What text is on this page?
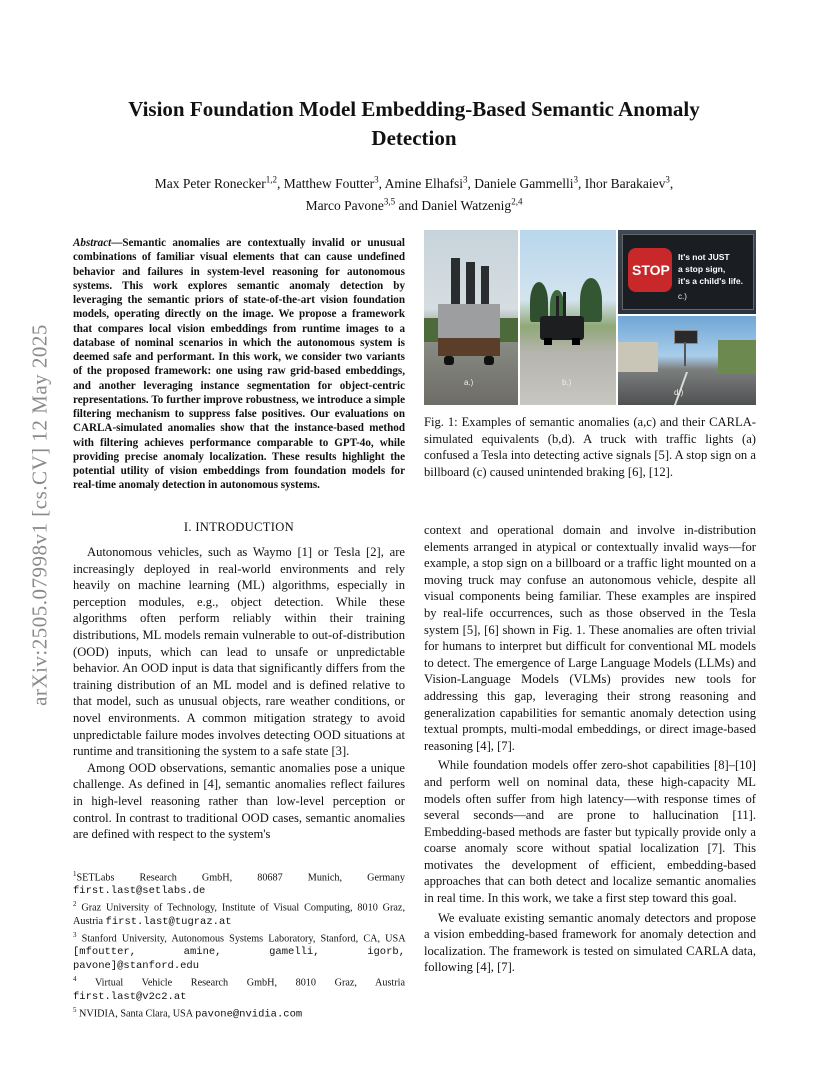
arXiv:2505.07998v1 [cs.CV] 12 May 2025
Vision Foundation Model Embedding-Based Semantic Anomaly Detection
Max Peter Ronecker$^{1,2}$, Matthew Foutter$^3$, Amine Elhafsi$^3$, Daniele Gammelli$^3$, Ihor Barakaiev$^3$,
Marco Pavone$^{3,5}$ and Daniel Watzenig$^{2,4}$

Abstract—Semantic anomalies are contextually invalid or unusual combinations of familiar visual elements that can cause undefined behavior and failures in system-level reasoning for autonomous systems. This work explores semantic anomaly detection by leveraging the semantic priors of state-of-the-art vision foundation models, operating directly on the image. We propose a framework that compares local vision embeddings from runtime images to a database of nominal scenarios in which the autonomous system is deemed safe and performant. In this work, we consider two variants of the proposed framework: one using raw grid-based embeddings, and another leveraging instance segmentation for object-centric representations. To further improve robustness, we introduce a simple filtering mechanism to suppress false positives. Our evaluations on CARLA-simulated anomalies show that the instance-based method with filtering achieves performance comparable to GPT-4o, while providing precise anomaly localization. These results highlight the potential utility of vision embeddings from foundation models for real-time anomaly detection in autonomous systems.

I. INTRODUCTION

Autonomous vehicles, such as Waymo [1] or Tesla [2], are increasingly deployed in real-world environments and rely heavily on machine learning (ML) algorithms, especially in perception modules, e.g., object detection. While these algorithms often perform reliably within their training distributions, ML models remain vulnerable to out-of-distribution (OOD) inputs, which can lead to unsafe or unpredictable behavior. An OOD input is data that significantly differs from the training distribution of an ML model and is defined relative to that model, such as unusual objects, rare weather conditions, or novel environments. A common mitigation strategy to avoid unpredictable failure modes involves detecting OOD situations at runtime and transitioning the system to a safe state [3].

Among OOD observations, semantic anomalies pose a unique challenge. As defined in [4], semantic anomalies reflect failures in high-level reasoning rather than low-level perception or control. In contrast to traditional OOD cases, semantic anomalies are defined with respect to the system's

$^1$SETLabs Research GmbH, 80687 Munich, Germany first.last@setlabs.de
$^2$ Graz University of Technology, Institute of Visual Computing, 8010 Graz, Austria first.last@tugraz.at
$^3$ Stanford University, Autonomous Systems Laboratory, Stanford, CA, USA [mfoutter, amine, gamelli, igorb, pavone]@stanford.edu
$^4$ Virtual Vehicle Research GmbH, 8010 Graz, Austria first.last@v2c2.at
$^5$ NVIDIA, Santa Clara, USA pavone@nvidia.com
a.)	b.)
STOP
It's not JUST
a stop sign,
it's a child's life.
c.)
d.)

Fig. 1: Examples of semantic anomalies (a,c) and their CARLA-simulated equivalents (b,d). A truck with traffic lights (a) confused a Tesla into detecting active signals [5]. A stop sign on a billboard (c) caused unintended braking [6], [12].

context and operational domain and involve in-distribution elements arranged in atypical or contextually invalid ways—for example, a stop sign on a billboard or a traffic light mounted on a moving truck may confuse an autonomous vehicle, despite all visual components being familiar. These examples are inspired by real-life occurrences, such as those observed in the Tesla system [5], [6] shown in Fig. 1. These anomalies are often trivial for humans to interpret but difficult for conventional ML models to detect. The emergence of Large Language Models (LLMs) and Vision-Language Models (VLMs) provides new tools for addressing this gap, leveraging their strong reasoning and generalization capabilities for semantic anomaly detection using textual prompts, multi-modal embeddings, or direct image-based reasoning [4], [7].

While foundation models offer zero-shot capabilities [8]–[10] and perform well on nominal data, these high-capacity ML models often suffer from high latency—with response times of several seconds—and are prone to hallucination [11]. Embedding-based methods are faster but typically provide only a coarse anomaly score without spatial localization [7]. This motivates the development of efficient, embedding-based approaches that can both detect and localize semantic anomalies in real time. In this work, we take a first step toward this goal.

We evaluate existing semantic anomaly detectors and propose a vision embedding-based framework for anomaly detection and localization. The framework is tested on simulated CARLA data, following [4], [7].
